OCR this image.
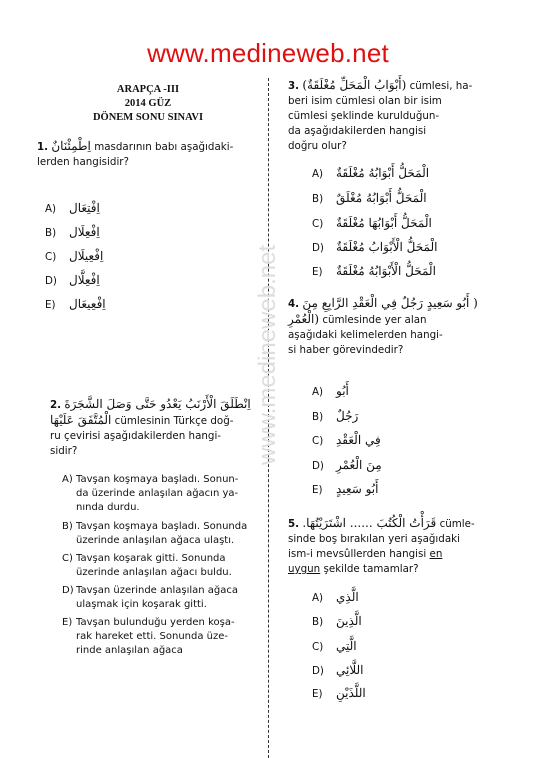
www.medineweb.net
ARAPÇA -III
2014 GÜZ
DÖNEM SONU SINAVI
www.medineweb.net
1. اِطْمِئْنَانٌ masdarının babı aşağıdaki-
lerden hangisidir?
A) اِفْتِعَال
B) اِفْعِلَال
C) اِفْعِيلَال
D) اِفْعِلَّال
E) اِفْعِيعَال
2. اِنْطَلَقَ الْأَرْنَبُ يَعْدُو حَتَّى وَصَلَ الشَّجَرَةَ
الْمُتَّفَقَ عَلَيْهَا cümlesinin Türkçe doğ-
ru çevirisi aşağıdakilerden hangi-
sidir?
A) Tavşan koşmaya başladı. Sonun-
da üzerinde anlaşılan ağacın ya-
nında durdu.
B) Tavşan koşmaya başladı. Sonunda
üzerinde anlaşılan ağaca ulaştı.
C) Tavşan koşarak gitti. Sonunda
üzerinde anlaşılan ağacı buldu.
D) Tavşan üzerinde anlaşılan ağaca
ulaşmak için koşarak gitti.
E) Tavşan bulunduğu yerden koşa-
rak hareket etti. Sonunda üze-
rinde anlaşılan ağaca
3. (أَبْوَابُ الْمَحَلِّ مُغْلَقَةٌ) cümlesi, ha-
beri isim cümlesi olan bir isim
cümlesi şeklinde kurulduğun-
da aşağıdakilerden hangisi
doğru olur?
A) الْمَحَلُّ أَبْوَابُهُ مُغْلَقَةٌ
B) الْمَحَلُّ أَبْوَابُهُ مُغْلَقٌ
C) الْمَحَلُّ أَبْوَابُهَا مُغْلَقَةٌ
D) الْمَحَلُّ الْأَبْوَابُ مُغْلَقَةٌ
E) الْمَحَلُّ الْأَبْوَابُهُ مُغْلَقَةٌ
4. ( أَبُو سَعِيدٍ رَجُلٌ فِي الْعَقْدِ الرَّابِعِ مِنَ
(الْعُمْرِ cümlesinde yer alan
aşağıdaki kelimelerden hangi-
si haber görevindedir?
A) أَبُو
B) رَجُلٌ
C) فِي الْعَقْدِ
D) مِنَ الْعُمْرِ
E) أَبُو سَعِيدٍ
5. قَرَأْتُ الْكُتُبَ ...... اشْتَرَيْتُهَا. cümle-
sinde boş bırakılan yeri aşağıdaki
ism-i mevsûllerden hangisi en
uygun şekilde tamamlar?
A) الَّذِي
B) الَّذِينَ
C) الَّتِي
D) اللَّائِي
E) اللَّذَيْنِ
